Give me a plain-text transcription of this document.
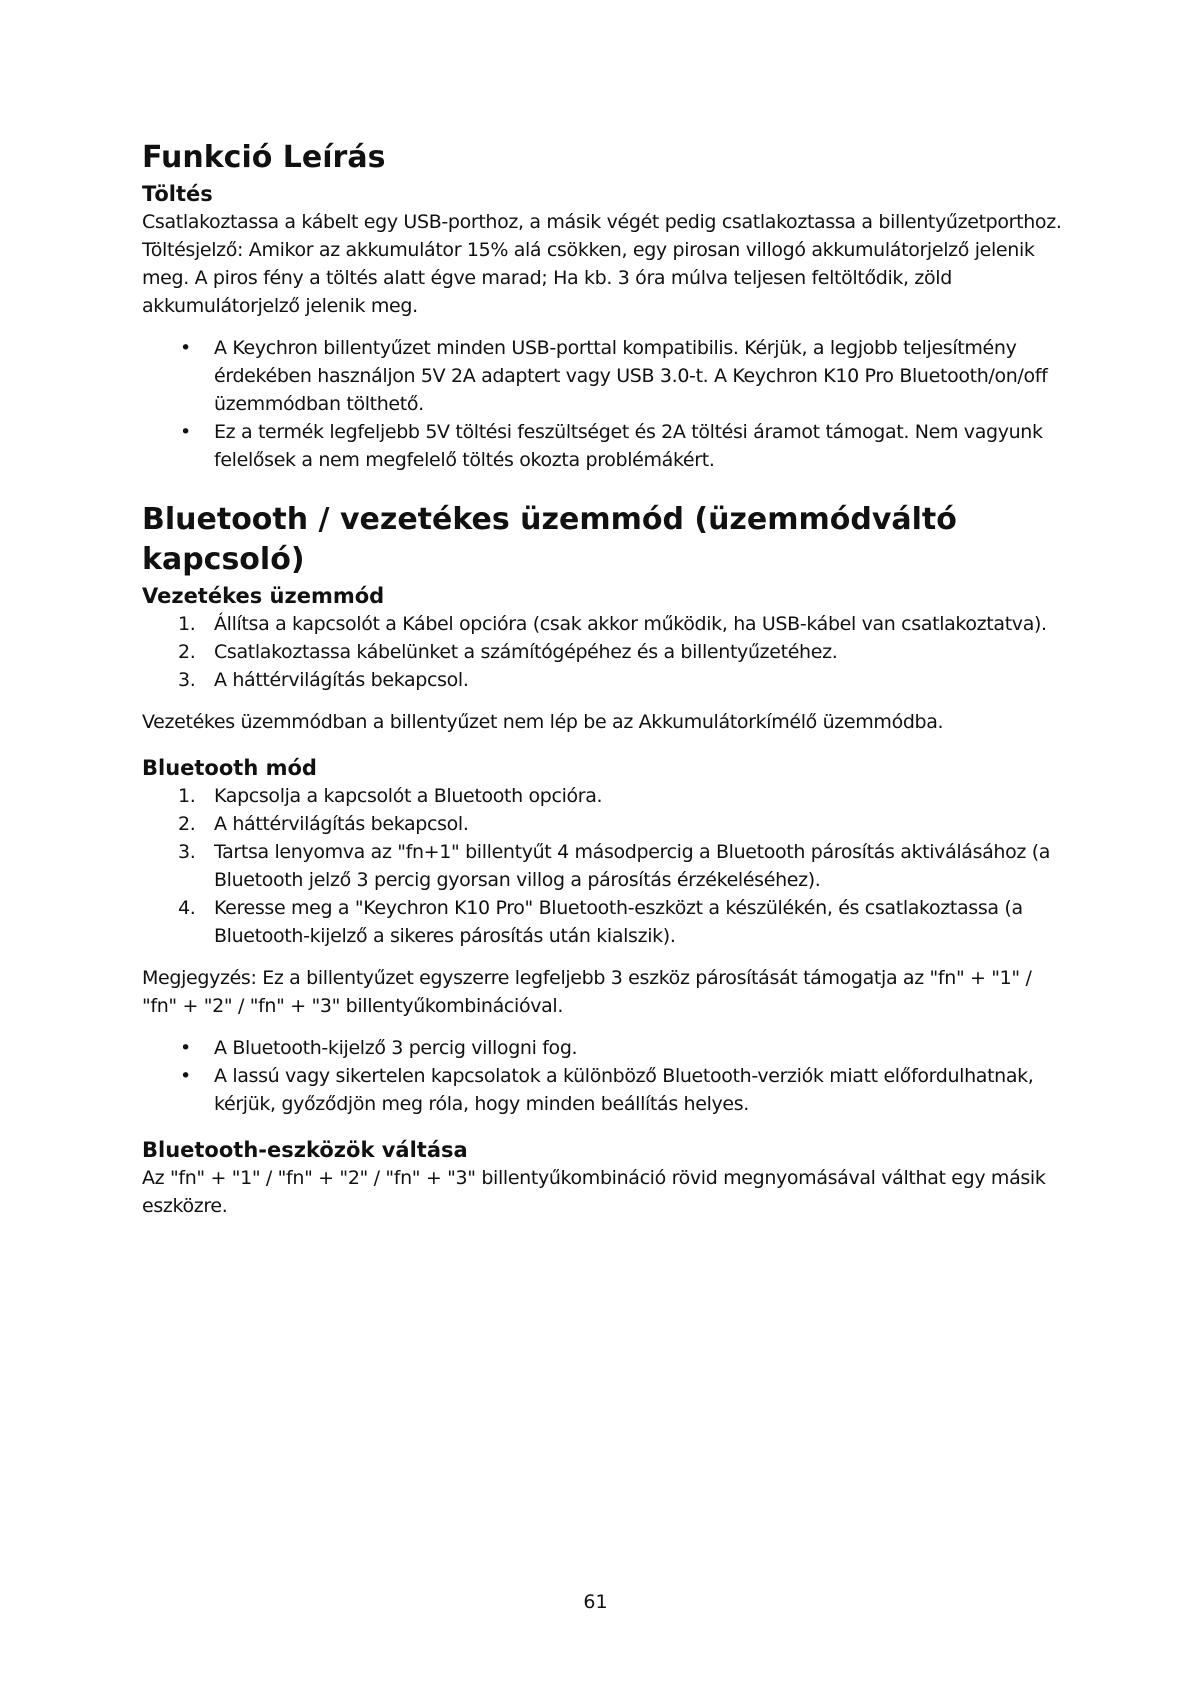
Funkció Leírás
Töltés

Csatlakoztassa a kábelt egy USB-porthoz, a másik végét pedig csatlakoztassa a billentyűzetporthoz. Töltésjelző: Amikor az akkumulátor 15% alá csökken, egy pirosan villogó akkumulátorjelző jelenik meg. A piros fény a töltés alatt égve marad; Ha kb. 3 óra múlva teljesen feltöltődik, zöld akkumulátorjelző jelenik meg.

• A Keychron billentyűzet minden USB-porttal kompatibilis. Kérjük, a legjobb teljesítmény érdekében használjon 5V 2A adaptert vagy USB 3.0-t. A Keychron K10 Pro Bluetooth/on/off üzemmódban tölthető.
• Ez a termék legfeljebb 5V töltési feszültséget és 2A töltési áramot támogat. Nem vagyunk felelősek a nem megfelelő töltés okozta problémákért.
Bluetooth / vezetékes üzemmód (üzemmódváltó kapcsoló)
Vezetékes üzemmód
1. Állítsa a kapcsolót a Kábel opcióra (csak akkor működik, ha USB-kábel van csatlakoztatva).
2. Csatlakoztassa kábelünket a számítógépéhez és a billentyűzetéhez.
3. A háttérvilágítás bekapcsol.

Vezetékes üzemmódban a billentyűzet nem lép be az Akkumulátorkímélő üzemmódba.

Bluetooth mód
1. Kapcsolja a kapcsolót a Bluetooth opcióra.
2. A háttérvilágítás bekapcsol.
3. Tartsa lenyomva az "fn+1" billentyűt 4 másodpercig a Bluetooth párosítás aktiválásához (a Bluetooth jelző 3 percig gyorsan villog a párosítás érzékeléséhez).
4. Keresse meg a "Keychron K10 Pro" Bluetooth-eszközt a készülékén, és csatlakoztassa (a Bluetooth-kijelző a sikeres párosítás után kialszik).

Megjegyzés: Ez a billentyűzet egyszerre legfeljebb 3 eszköz párosítását támogatja az "fn" + "1" / "fn" + "2" / "fn" + "3" billentyűkombinációval.

• A Bluetooth-kijelző 3 percig villogni fog.
• A lassú vagy sikertelen kapcsolatok a különböző Bluetooth-verziók miatt előfordulhatnak, kérjük, győződjön meg róla, hogy minden beállítás helyes.
Bluetooth-eszközök váltása

Az "fn" + "1" / "fn" + "2" / "fn" + "3" billentyűkombináció rövid megnyomásával válthat egy másik eszközre.

61
